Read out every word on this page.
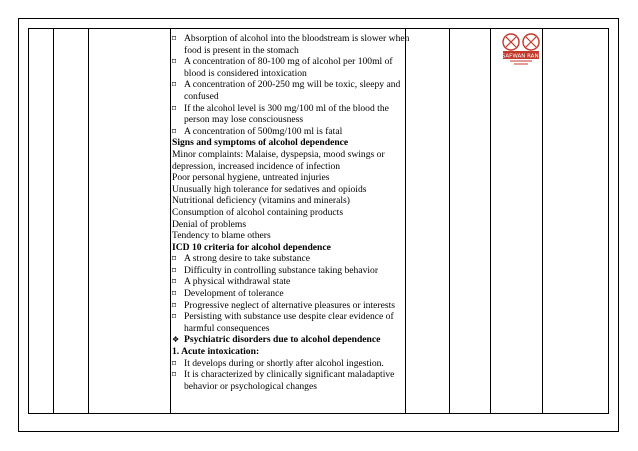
SAFWAN RANI
⌑ Absorption of alcohol into the bloodstream is slower when
food is present in the stomach
⌑ A concentration of 80-100 mg of alcohol per 100ml of
blood is considered intoxication
⌑ A concentration of 200-250 mg will be toxic, sleepy and
confused
⌑ If the alcohol level is 300 mg/100 ml of the blood the
person may lose consciousness
⌑ A concentration of 500mg/100 ml is fatal
Signs and symptoms of alcohol dependence
Minor complaints: Malaise, dyspepsia, mood swings or
depression, increased incidence of infection
Poor personal hygiene, untreated injuries
Unusually high tolerance for sedatives and opioids
Nutritional deficiency (vitamins and minerals)
Consumption of alcohol containing products
Denial of problems
Tendency to blame others
ICD 10 criteria for alcohol dependence
⌑ A strong desire to take substance
⌑ Difficulty in controlling substance taking behavior
⌑ A physical withdrawal state
⌑ Development of tolerance
⌑ Progressive neglect of alternative pleasures or interests
⌑ Persisting with substance use despite clear evidence of
harmful consequences
❖ Psychiatric disorders due to alcohol dependence
1. Acute intoxication:
⌑ It develops during or shortly after alcohol ingestion.
⌑ It is characterized by clinically significant maladaptive
behavior or psychological changes
